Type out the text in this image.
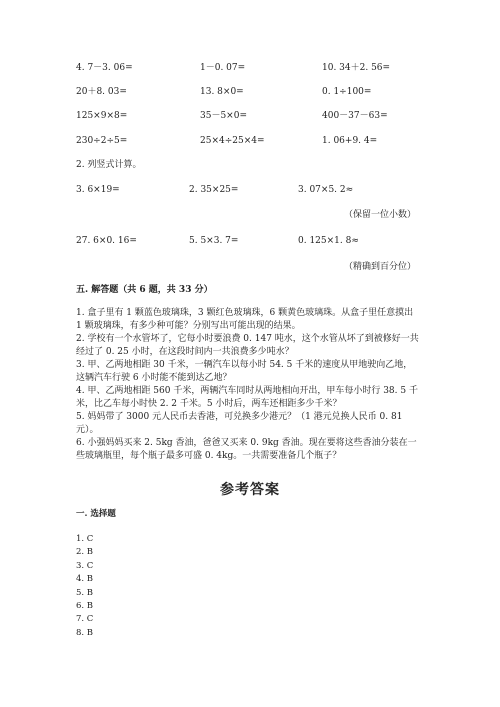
4. 7－3. 06=	1－0. 07=	10. 34＋2. 56=
20＋8. 03=	13. 8×0=	0. 1÷100=
125×9×8=	35－5×0=	400－37－63=
230÷2÷5=	25×4÷25×4=	1. 06+9. 4=
2. 列竖式计算。
3. 6×19=	2. 35×25=	3. 07×5. 2≈
（保留一位小数）
27. 6×0. 16=	5. 5×3. 7=	0. 125×1. 8≈
（精确到百分位）
五. 解答题（共 6 题，共 33 分）

1. 盒子里有 1 颗蓝色玻璃珠，3 颗红色玻璃珠，6 颗黄色玻璃珠。从盒子里任意摸出 1 颗玻璃珠，有多少种可能？分别写出可能出现的结果。

2. 学校有一个水管坏了，它每小时要浪费 0. 147 吨水，这个水管从坏了到被修好一共经过了 0. 25 小时，在这段时间内一共浪费多少吨水？

3. 甲、乙两地相距 30 千米，一辆汽车以每小时 54. 5 千米的速度从甲地驶向乙地，这辆汽车行驶 6 小时能不能到达乙地？

4. 甲、乙两地相距 560 千米，两辆汽车同时从两地相向开出，甲车每小时行 38. 5 千米，比乙车每小时快 2. 2 千米。5 小时后，两车还相距多少千米？

5. 妈妈带了 3000 元人民币去香港，可兑换多少港元？（1 港元兑换人民币 0. 81 元）。

6. 小强妈妈买来 2. 5kg 香油，爸爸又买来 0. 9kg 香油。现在要将这些香油分装在一些玻璃瓶里，每个瓶子最多可盛 0. 4kg。一共需要准备几个瓶子？

参考答案
一. 选择题
1. C
2. B
3. C
4. B
5. B
6. B
7. C
8. B
